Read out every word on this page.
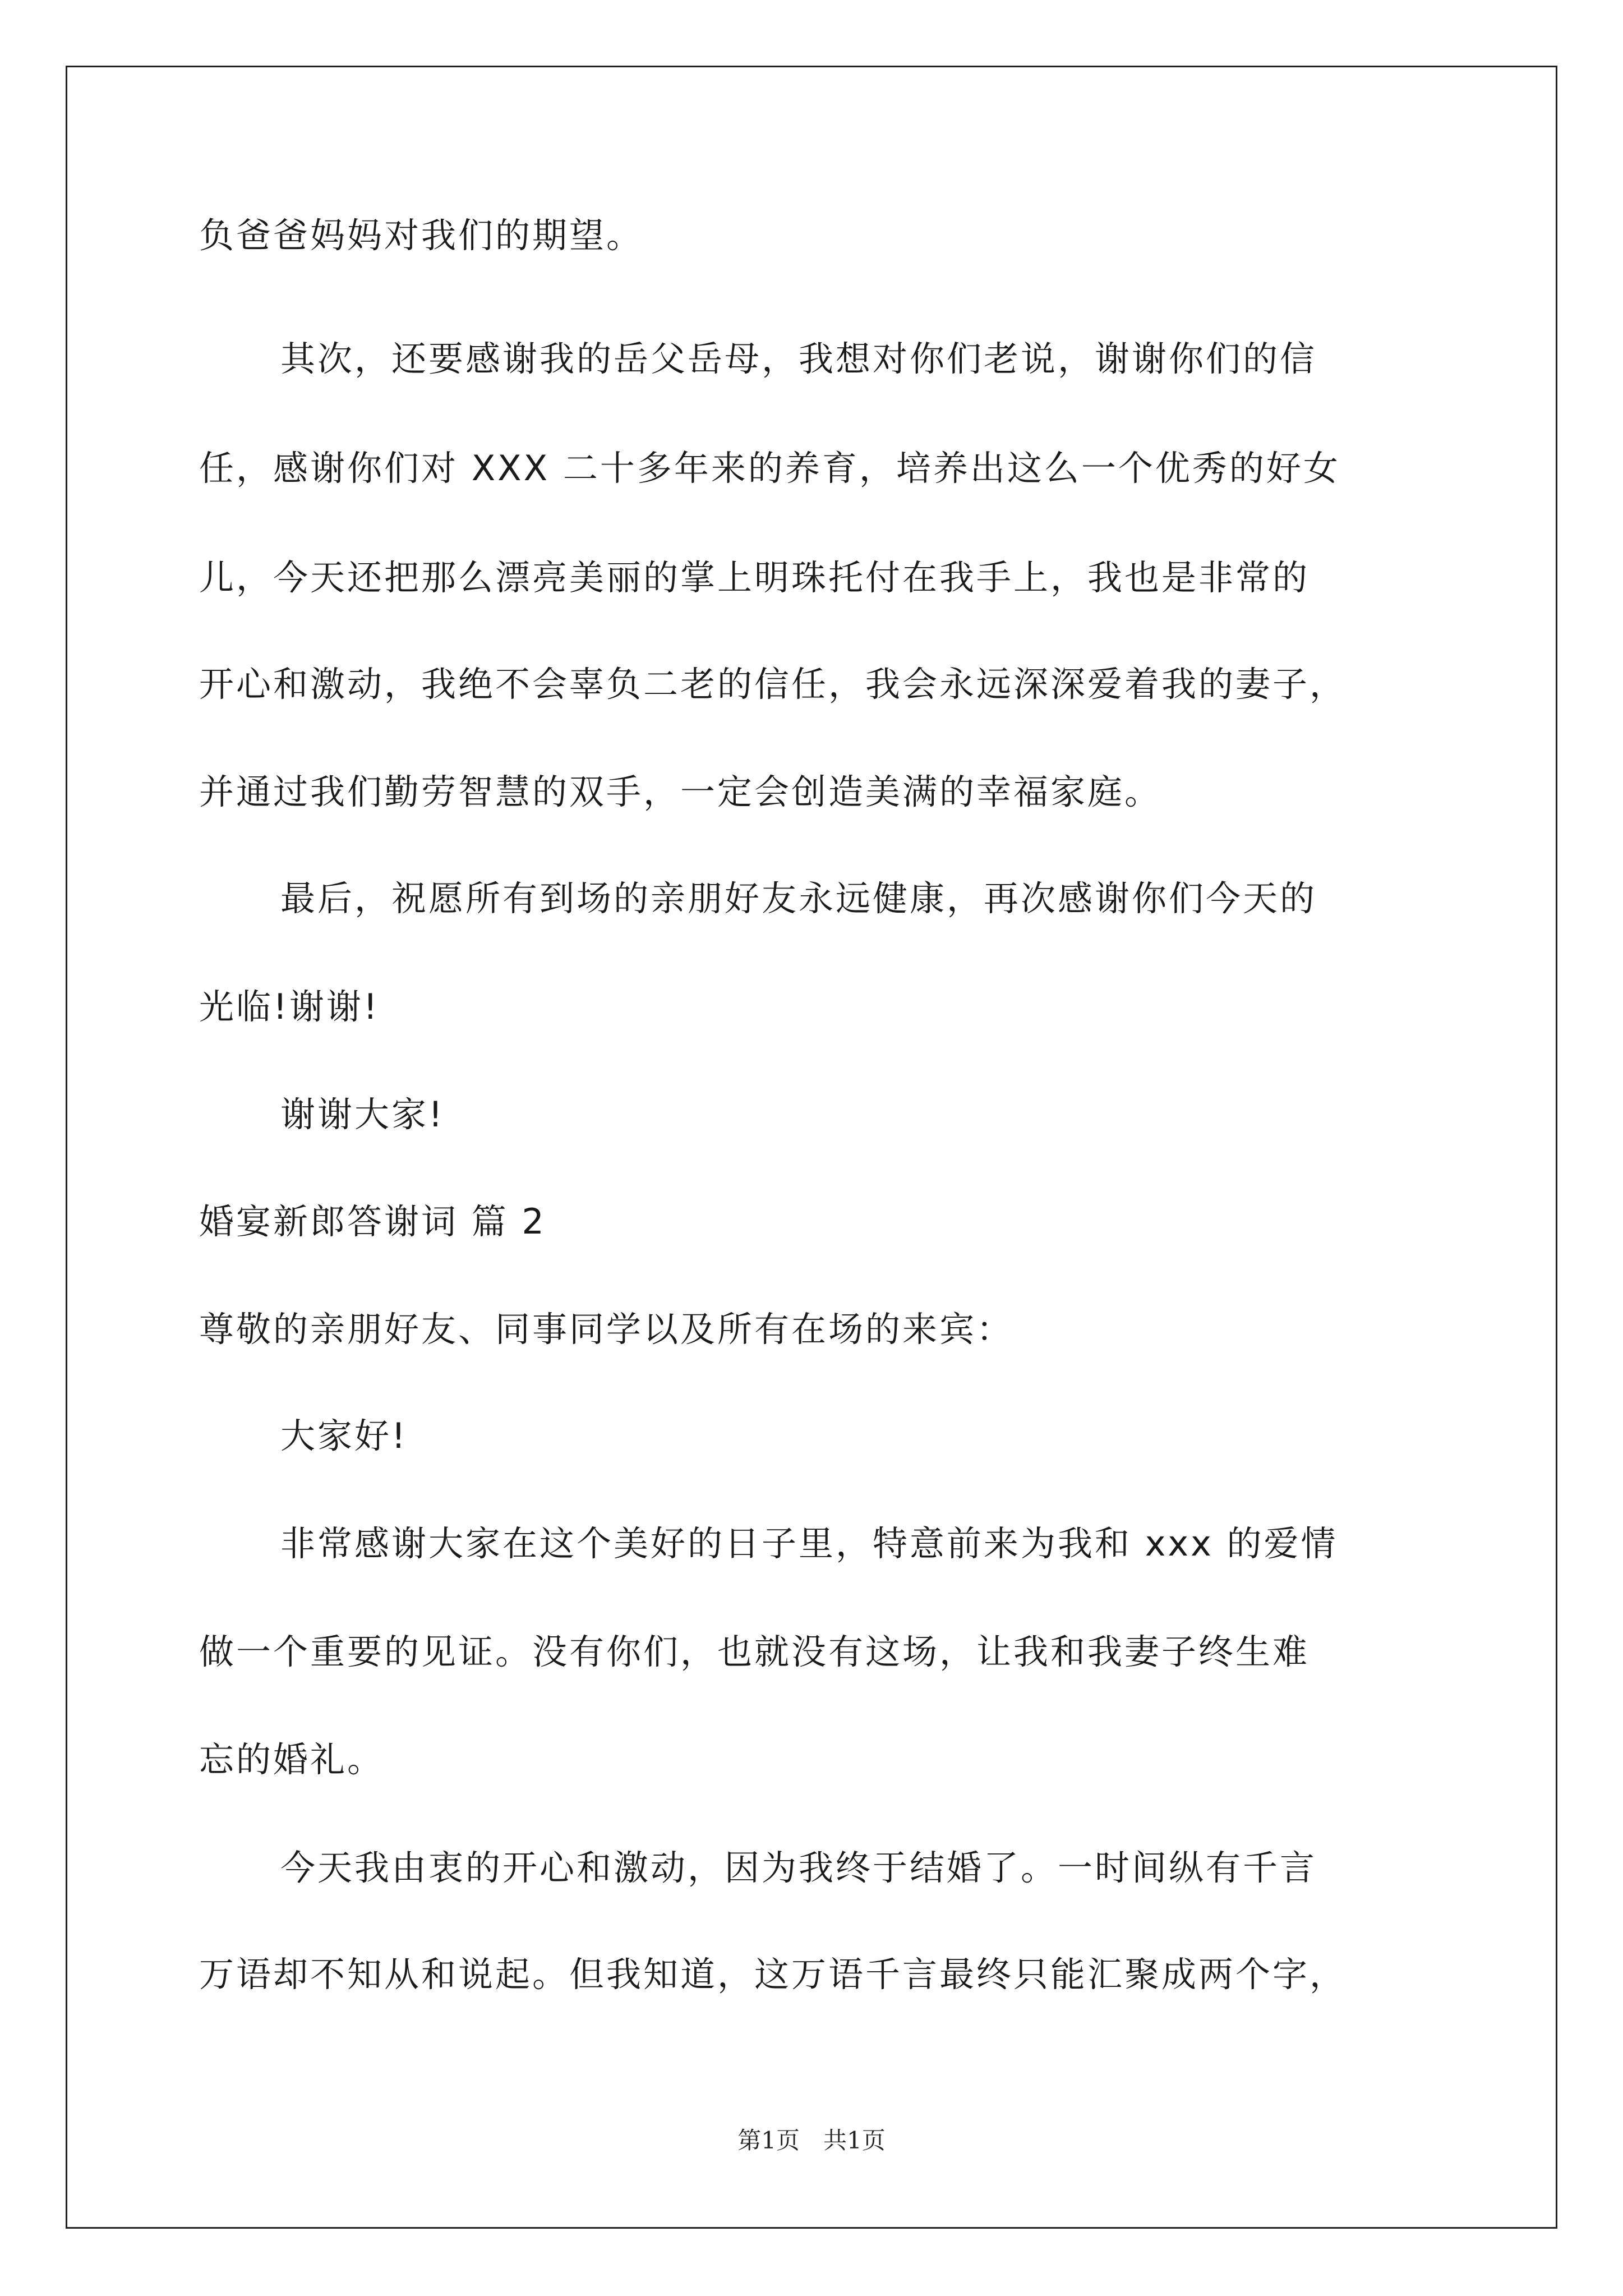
负爸爸妈妈对我们的期望。
其次，还要感谢我的岳父岳母，我想对你们老说，谢谢你们的信
任，感谢你们对 XXX 二十多年来的养育，培养出这么一个优秀的好女
儿，今天还把那么漂亮美丽的掌上明珠托付在我手上，我也是非常的
开心和激动，我绝不会辜负二老的信任，我会永远深深爱着我的妻子，
并通过我们勤劳智慧的双手，一定会创造美满的幸福家庭。
最后，祝愿所有到场的亲朋好友永远健康，再次感谢你们今天的
光临!谢谢!
谢谢大家!
婚宴新郎答谢词 篇 2
尊敬的亲朋好友、同事同学以及所有在场的来宾：
大家好!
非常感谢大家在这个美好的日子里，特意前来为我和 xxx 的爱情
做一个重要的见证。没有你们，也就没有这场，让我和我妻子终生难
忘的婚礼。
今天我由衷的开心和激动，因为我终于结婚了。一时间纵有千言
万语却不知从和说起。但我知道，这万语千言最终只能汇聚成两个字，
第1页　共1页
